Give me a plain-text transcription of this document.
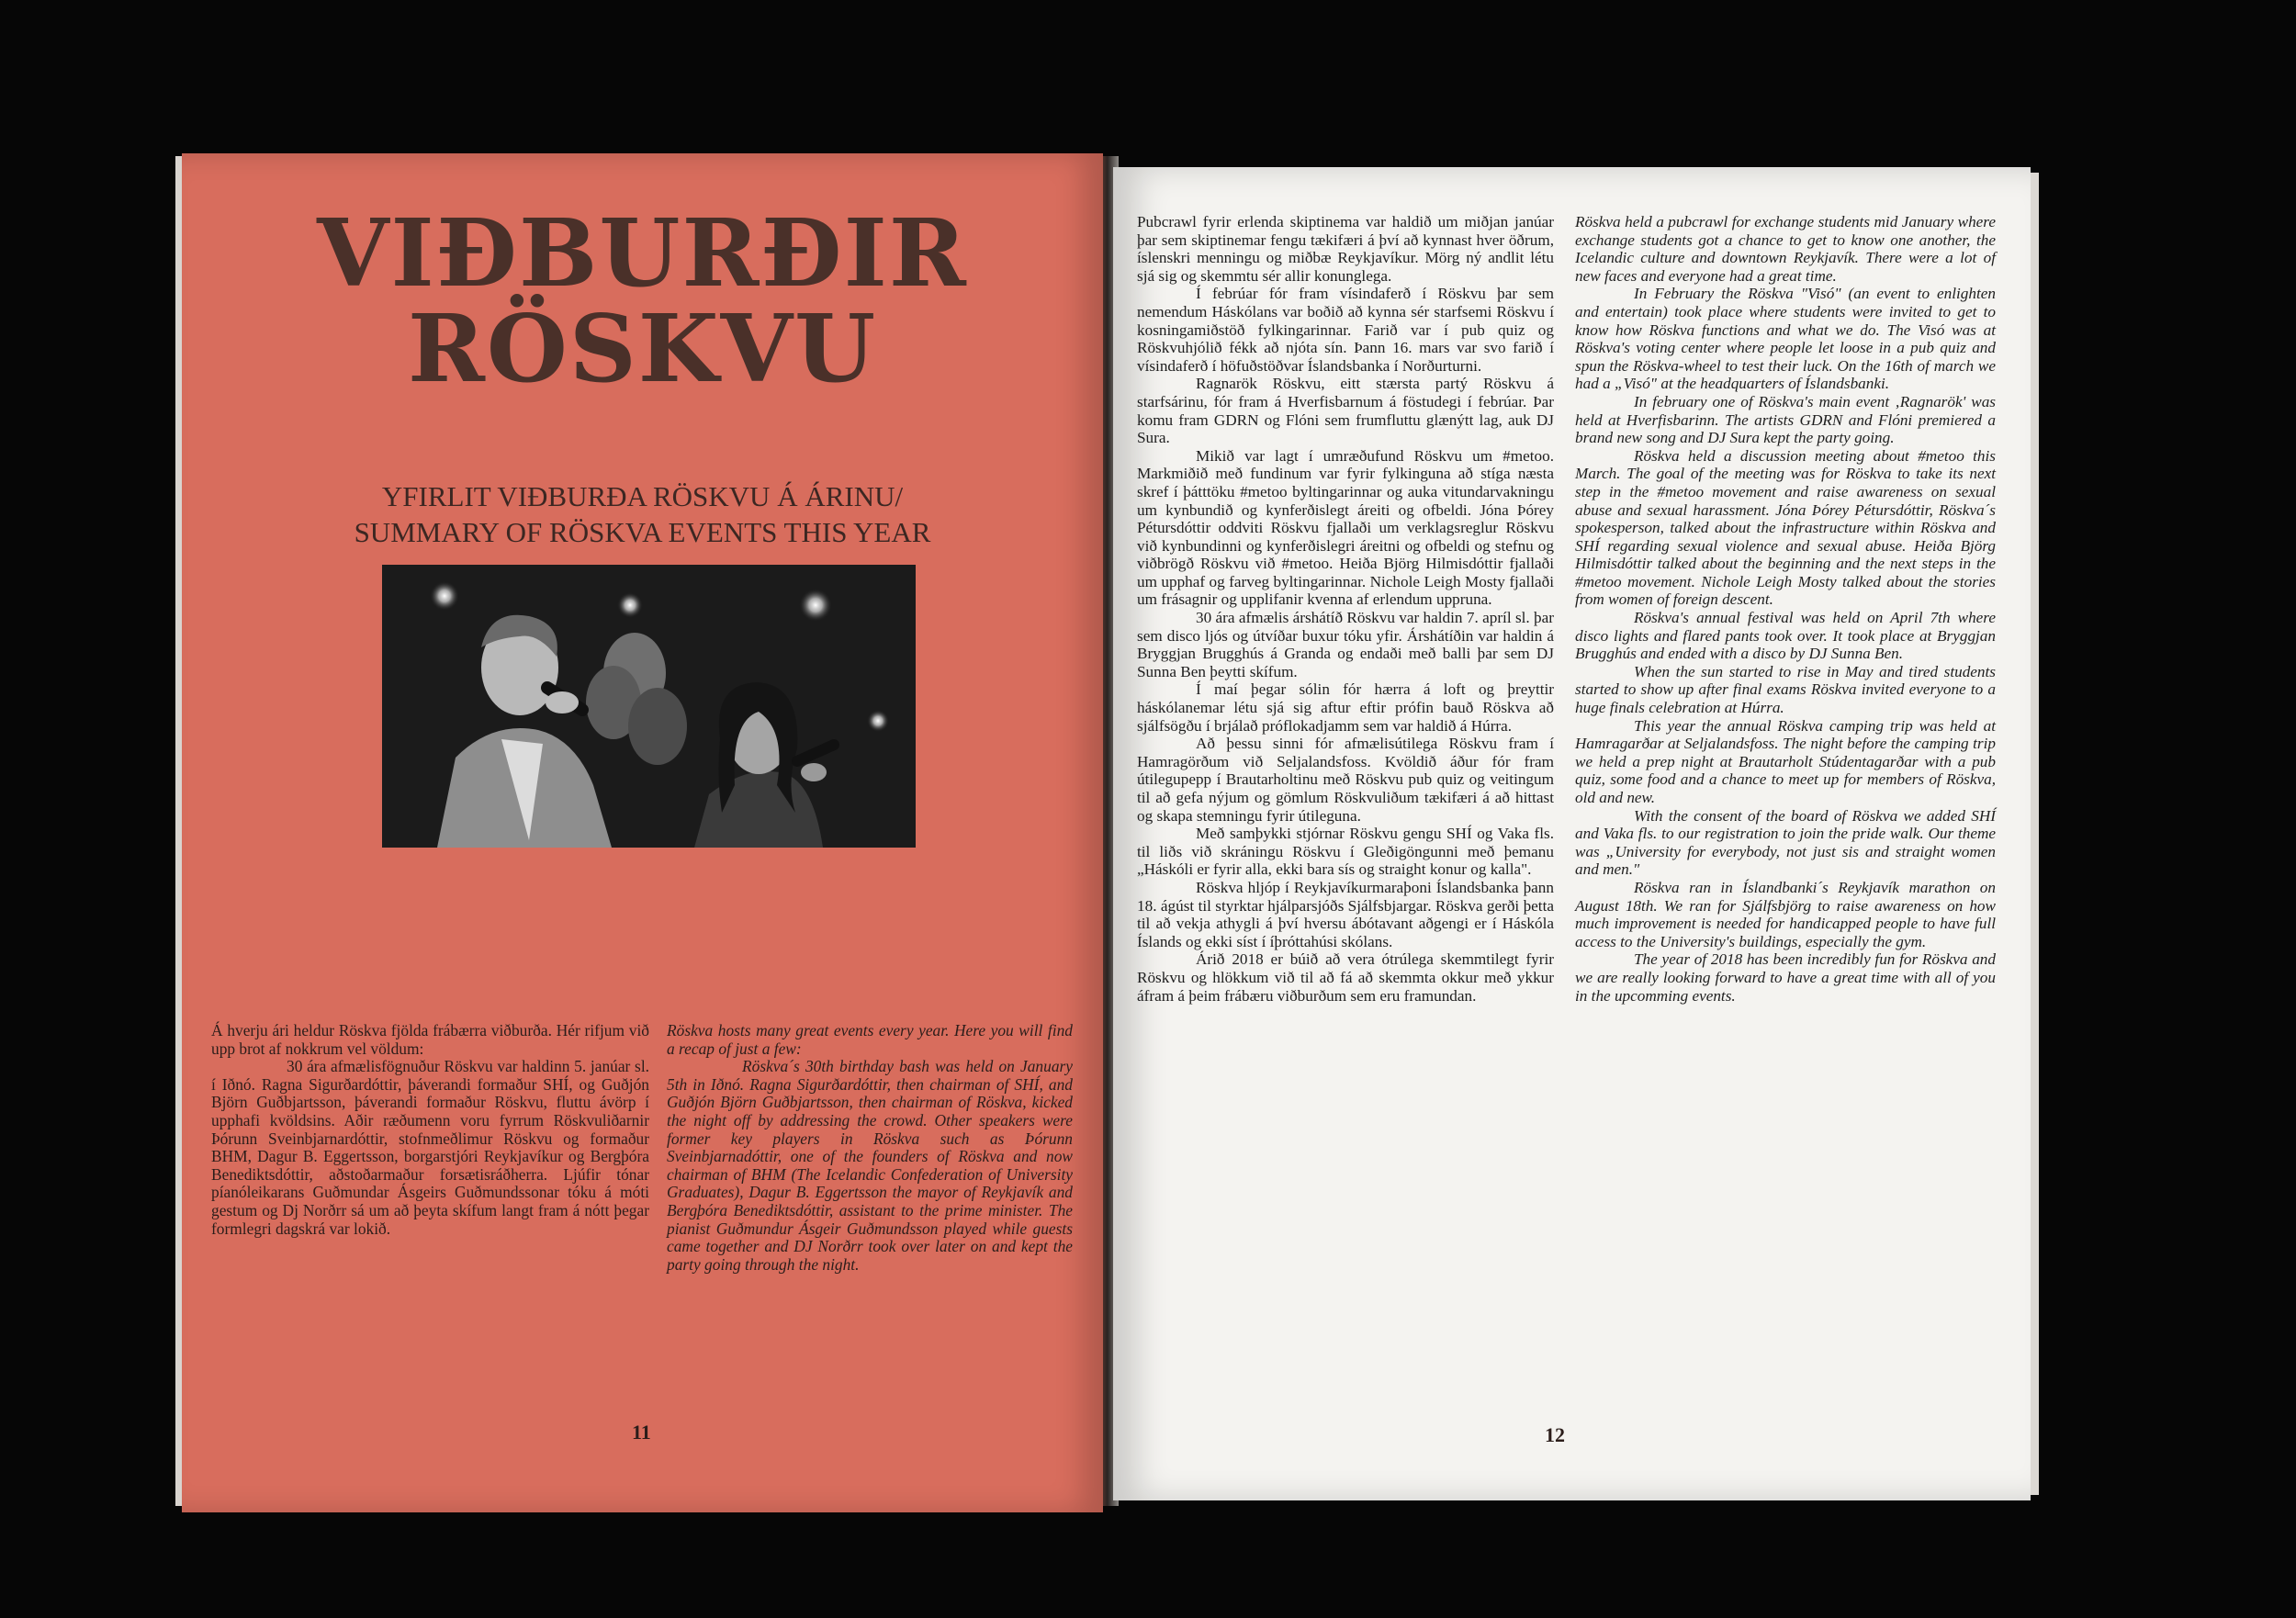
VIÐBURÐIR
RÖSKVU
YFIRLIT VIÐBURÐA RÖSKVU Á ÁRINU/
SUMMARY OF RÖSKVA EVENTS THIS YEAR

Á hverju ári heldur Röskva fjölda frábærra viðburða. Hér rifjum við upp brot af nokkrum vel völdum:

30 ára afmælisfögnuður Röskvu var haldinn 5. janúar sl. í Iðnó. Ragna Sigurðardóttir, þáverandi formaður SHÍ, og Guðjón Björn Guðbjartsson, þáverandi formaður Röskvu, fluttu ávörp í upphafi kvöldsins. Aðir ræðumenn voru fyrrum Röskvuliðarnir Þórunn Sveinbjarnardóttir, stofnmeðlimur Röskvu og formaður BHM, Dagur B. Eggertsson, borgarstjóri Reykjavíkur og Bergþóra Benediktsdóttir, aðstoðarmaður forsætisráðherra. Ljúfir tónar píanóleikarans Guðmundar Ásgeirs Guðmundssonar tóku á móti gestum og Dj Norðrr sá um að þeyta skífum langt fram á nótt þegar formlegri dagskrá var lokið.

Röskva hosts many great events every year. Here you will find a recap of just a few:

Röskva´s 30th birthday bash was held on January 5th in Iðnó. Ragna Sigurðardóttir, then chairman of SHÍ, and Guðjón Björn Guðbjartsson, then chairman of Röskva, kicked the night off by addressing the crowd. Other speakers were former key players in Röskva such as Þórunn Sveinbjarnadóttir, one of the founders of Röskva and now chairman of BHM (The Icelandic Confederation of University Graduates), Dagur B. Eggertsson the mayor of Reykjavík and Bergþóra Benediktsdóttir, assistant to the prime minister. The pianist Guðmundur Ásgeir Guðmundsson played while guests came together and DJ Norðrr took over later on and kept the party going through the night.

11

Pubcrawl fyrir erlenda skiptinema var haldið um miðjan janúar þar sem skiptinemar fengu tækifæri á því að kynnast hver öðrum, íslenskri menningu og miðbæ Reykjavíkur. Mörg ný andlit létu sjá sig og skemmtu sér allir konunglega.

Í febrúar fór fram vísindaferð í Röskvu þar sem nemendum Háskólans var boðið að kynna sér starfsemi Röskvu í kosningamiðstöð fylkingarinnar. Farið var í pub quiz og Röskvuhjólið fékk að njóta sín. Þann 16. mars var svo farið í vísindaferð í höfuðstöðvar Íslandsbanka í Norðurturni.

Ragnarök Röskvu, eitt stærsta partý Röskvu á starfsárinu, fór fram á Hverfisbarnum á föstudegi í febrúar. Þar komu fram GDRN og Flóni sem frumfluttu glænýtt lag, auk DJ Sura.

Mikið var lagt í umræðufund Röskvu um #metoo. Markmiðið með fundinum var fyrir fylkinguna að stíga næsta skref í þátttöku #metoo byltingarinnar og auka vitundarvakningu um kynbundið og kynferðislegt áreiti og ofbeldi. Jóna Þórey Pétursdóttir oddviti Röskvu fjallaði um verklagsreglur Röskvu við kynbundinni og kynferðislegri áreitni og ofbeldi og stefnu og viðbrögð Röskvu við #metoo. Heiða Björg Hilmisdóttir fjallaði um upphaf og farveg byltingarinnar. Nichole Leigh Mosty fjallaði um frásagnir og upplifanir kvenna af erlendum uppruna.

30 ára afmælis árshátíð Röskvu var haldin 7. apríl sl. þar sem disco ljós og útvíðar buxur tóku yfir. Árshátíðin var haldin á Bryggjan Brugghús á Granda og endaði með balli þar sem DJ Sunna Ben þeytti skífum.

Í maí þegar sólin fór hærra á loft og þreyttir háskólanemar létu sjá sig aftur eftir prófin bauð Röskva að sjálfsögðu í brjálað próflokadjamm sem var haldið á Húrra.

Að þessu sinni fór afmælisútilega Röskvu fram í Hamragörðum við Seljalandsfoss. Kvöldið áður fór fram útilegupepp í Brautarholtinu með Röskvu pub quiz og veitingum til að gefa nýjum og gömlum Röskvuliðum tækifæri á að hittast og skapa stemningu fyrir útileguna.

Með samþykki stjórnar Röskvu gengu SHÍ og Vaka fls. til liðs við skráningu Röskvu í Gleðigöngunni með þemanu „Háskóli er fyrir alla, ekki bara sís og straight konur og kalla".

Röskva hljóp í Reykjavíkurmaraþoni Íslandsbanka þann 18. ágúst til styrktar hjálparsjóðs Sjálfsbjargar. Röskva gerði þetta til að vekja athygli á því hversu ábótavant aðgengi er í Háskóla Íslands og ekki síst í íþróttahúsi skólans.

Árið 2018 er búið að vera ótrúlega skemmtilegt fyrir Röskvu og hlökkum við til að fá að skemmta okkur með ykkur áfram á þeim frábæru viðburðum sem eru framundan.

Röskva held a pubcrawl for exchange students mid January where exchange students got a chance to get to know one another, the Icelandic culture and downtown Reykjavík. There were a lot of new faces and everyone had a great time.

In February the Röskva "Visó" (an event to enlighten and entertain) took place where students were invited to get to know how Röskva functions and what we do. The Visó was at Röskva's voting center where people let loose in a pub quiz and spun the Röskva-wheel to test their luck. On the 16th of march we had a „Visó" at the headquarters of Íslandsbanki.

In february one of Röskva's main event ‚Ragnarök' was held at Hverfisbarinn. The artists GDRN and Flóni premiered a brand new song and DJ Sura kept the party going.

Röskva held a discussion meeting about #metoo this March. The goal of the meeting was for Röskva to take its next step in the #metoo movement and raise awareness on sexual abuse and sexual harassment. Jóna Þórey Pétursdóttir, Röskva´s spokesperson, talked about the infrastructure within Röskva and SHÍ regarding sexual violence and sexual abuse. Heiða Björg Hilmisdóttir talked about the beginning and the next steps in the #metoo movement. Nichole Leigh Mosty talked about the stories from women of foreign descent.

Röskva's annual festival was held on April 7th where disco lights and flared pants took over. It took place at Bryggjan Brugghús and ended with a disco by DJ Sunna Ben.

When the sun started to rise in May and tired students started to show up after final exams Röskva invited everyone to a huge finals celebration at Húrra.

This year the annual Röskva camping trip was held at Hamragarðar at Seljalandsfoss. The night before the camping trip we held a prep night at Brautarholt Stúdentagarðar with a pub quiz, some food and a chance to meet up for members of Röskva, old and new.

With the consent of the board of Röskva we added SHÍ and Vaka fls. to our registration to join the pride walk. Our theme was „University for everybody, not just sis and straight women and men."

Röskva ran in Íslandbanki´s Reykjavík marathon on August 18th. We ran for Sjálfsbjörg to raise awareness on how much improvement is needed for handicapped people to have full access to the University's buildings, especially the gym.

The year of 2018 has been incredibly fun for Röskva and we are really looking forward to have a great time with all of you in the upcomming events.

12
